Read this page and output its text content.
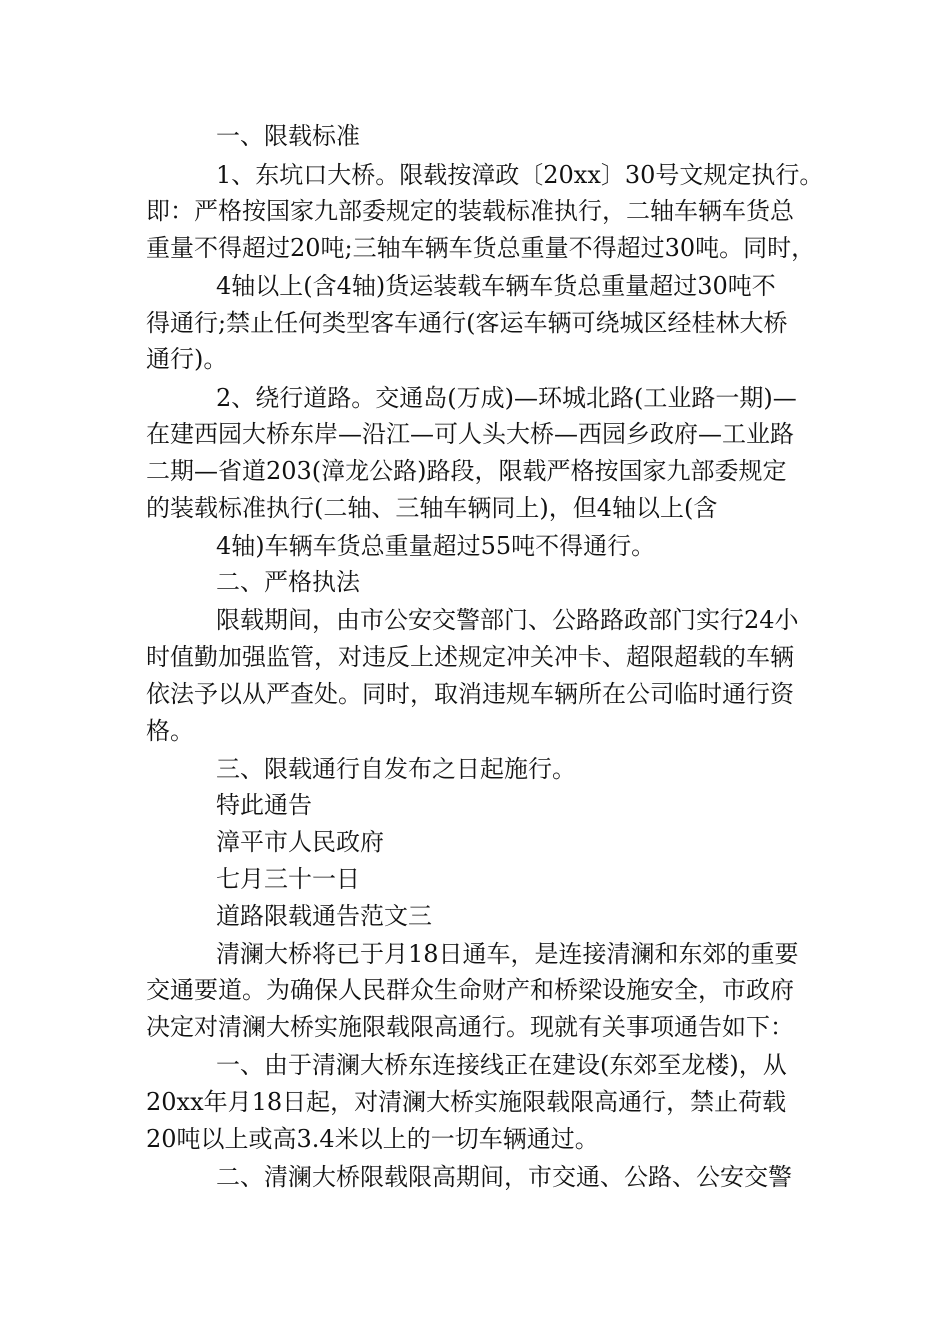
一、限载标准
1、东坑口大桥。限载按漳政〔20xx〕30号文规定执行。
即：严格按国家九部委规定的装载标准执行，二轴车辆车货总
重量不得超过20吨;三轴车辆车货总重量不得超过30吨。同时，
4轴以上(含4轴)货运装载车辆车货总重量超过30吨不
得通行;禁止任何类型客车通行(客运车辆可绕城区经桂林大桥
通行)。
2、绕行道路。交通岛(万成)—环城北路(工业路一期)—
在建西园大桥东岸—沿江—可人头大桥—西园乡政府—工业路
二期—省道203(漳龙公路)路段，限载严格按国家九部委规定
的装载标准执行(二轴、三轴车辆同上)，但4轴以上(含
4轴)车辆车货总重量超过55吨不得通行。
二、严格执法
限载期间，由市公安交警部门、公路路政部门实行24小
时值勤加强监管，对违反上述规定冲关冲卡、超限超载的车辆
依法予以从严查处。同时，取消违规车辆所在公司临时通行资
格。
三、限载通行自发布之日起施行。
特此通告
漳平市人民政府
七月三十一日
道路限载通告范文三
清澜大桥将已于月18日通车，是连接清澜和东郊的重要
交通要道。为确保人民群众生命财产和桥梁设施安全，市政府
决定对清澜大桥实施限载限高通行。现就有关事项通告如下：
一、由于清澜大桥东连接线正在建设(东郊至龙楼)，从
20xx年月18日起，对清澜大桥实施限载限高通行，禁止荷载
20吨以上或高3.4米以上的一切车辆通过。
二、清澜大桥限载限高期间，市交通、公路、公安交警
